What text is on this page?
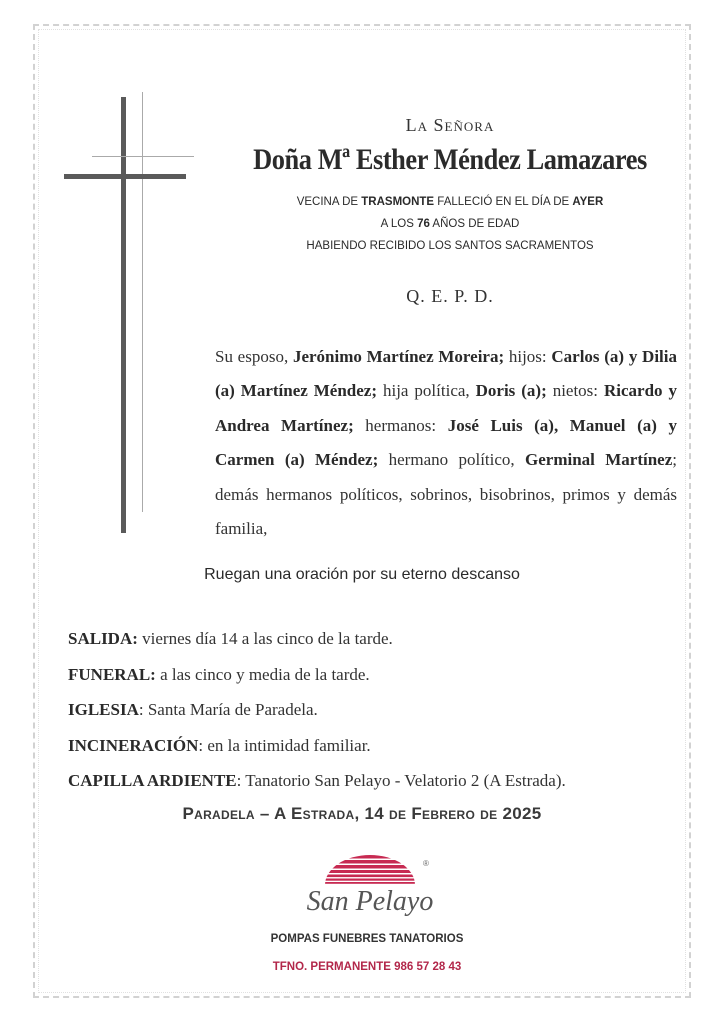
La Señora
Doña Mª Esther Méndez Lamazares
VECINA DE TRASMONTE FALLECIÓ EN EL DÍA DE AYER
A LOS 76 AÑOS DE EDAD
HABIENDO RECIBIDO LOS SANTOS SACRAMENTOS
Q. E. P. D.
Su esposo, Jerónimo Martínez Moreira; hijos: Carlos (a) y Dilia (a) Martínez Méndez; hija política, Doris (a); nietos: Ricardo y Andrea Martínez; hermanos: José Luis (a), Manuel (a) y Carmen (a) Méndez; hermano político, Germinal Martínez; demás hermanos políticos, sobrinos, bisobrinos, primos y demás familia,
Ruegan una oración por su eterno descanso
SALIDA: viernes día 14 a las cinco de la tarde.
FUNERAL: a las cinco y media de la tarde.
IGLESIA: Santa María de Paradela.
INCINERACIÓN: en la intimidad familiar.
CAPILLA ARDIENTE: Tanatorio San Pelayo - Velatorio 2 (A Estrada).
Paradela – A Estrada, 14 de Febrero de 2025
®
San Pelayo
POMPAS FUNEBRES TANATORIOS
TFNO. PERMANENTE 986 57 28 43
